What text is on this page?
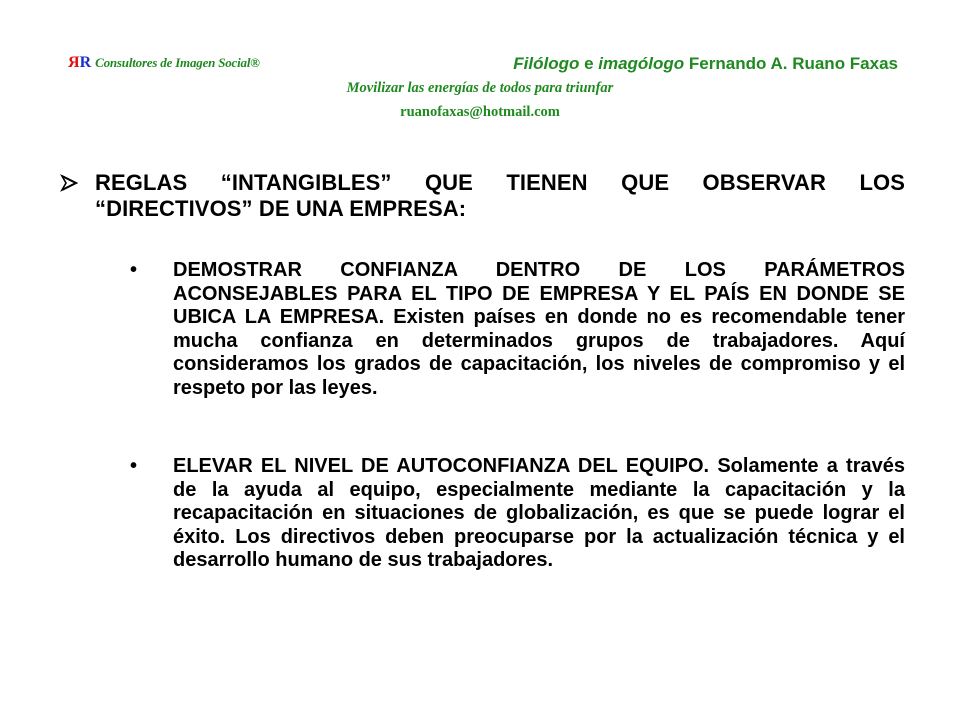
ЯR Consultores de Imagen Social®	Filólogo e imagólogo Fernando A. Ruano Faxas
Movilizar las energías de todos para triunfar
ruanofaxas@hotmail.com
REGLAS “INTANGIBLES” QUE TIENEN QUE OBSERVAR LOS “DIRECTIVOS” DE UNA EMPRESA:
• DEMOSTRAR CONFIANZA DENTRO DE LOS PARÁMETROS ACONSEJABLES PARA EL TIPO DE EMPRESA Y EL PAÍS EN DONDE SE UBICA LA EMPRESA. Existen países en donde no es recomendable tener mucha confianza en determinados grupos de trabajadores. Aquí consideramos los grados de capacitación, los niveles de compromiso y el respeto por las leyes.
• ELEVAR EL NIVEL DE AUTOCONFIANZA DEL EQUIPO. Solamente a través de la ayuda al equipo, especialmente mediante la capacitación y la recapacitación en situaciones de globalización, es que se puede lograr el éxito. Los directivos deben preocuparse por la actualización técnica y el desarrollo humano de sus trabajadores.
